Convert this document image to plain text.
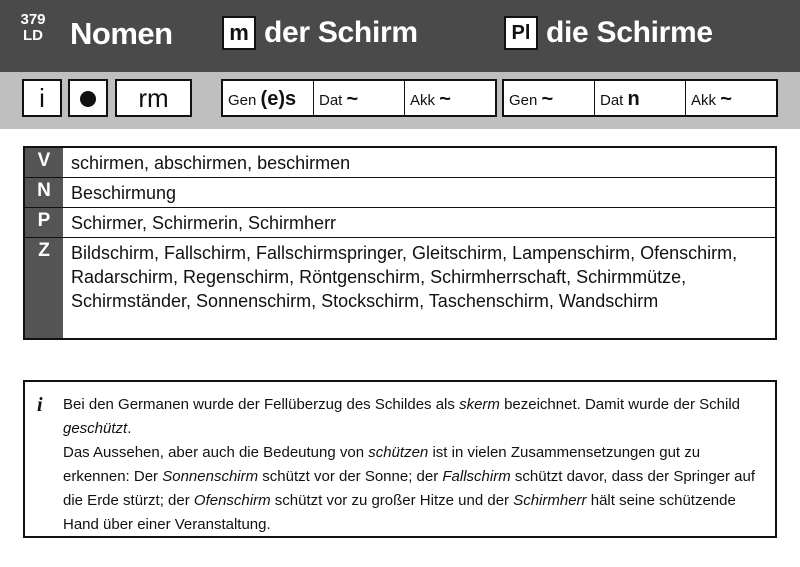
379
LD Nomen	m der Schirm	Pl die Schirme
i	rm	Gen (e)s	Dat ~	Akk ~	Gen ~	Dat n	Akk ~
V	schirmen, abschirmen, beschirmen
N	Beschirmung
P	Schirmer, Schirmerin, Schirmherr
Z	Bildschirm, Fallschirm, Fallschirmspringer, Gleitschirm, Lampenschirm, Ofenschirm, Radarschirm, Regenschirm, Röntgenschirm, Schirmherrschaft, Schirmmütze, Schirmständer, Sonnenschirm, Stockschirm, Taschenschirm, Wandschirm
i Bei den Germanen wurde der Fellüberzug des Schildes als skerm bezeichnet. Damit wurde der Schild geschützt.
Das Aussehen, aber auch die Bedeutung von schützen ist in vielen Zusammensetzungen gut zu erkennen: Der Sonnenschirm schützt vor der Sonne; der Fallschirm schützt davor, dass der Springer auf die Erde stürzt; der Ofenschirm schützt vor zu großer Hitze und der Schirmherr hält seine schützende Hand über einer Veranstaltung.
